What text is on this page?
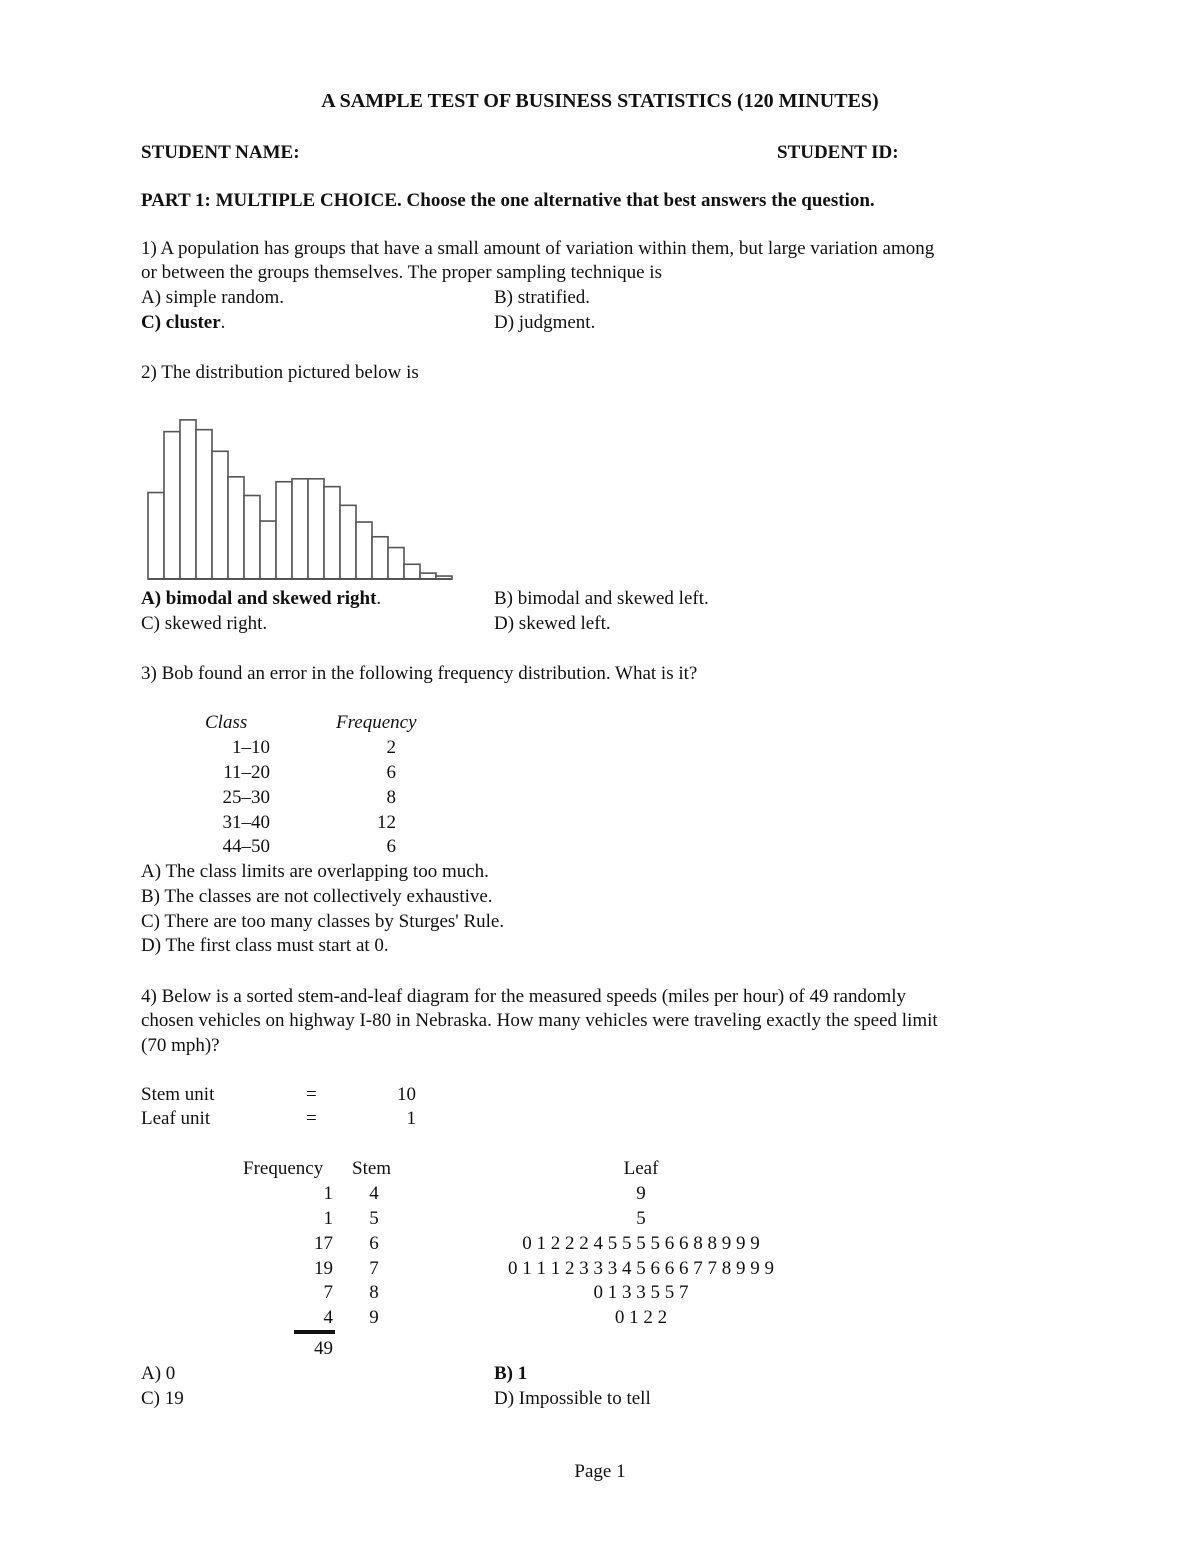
A SAMPLE TEST OF BUSINESS STATISTICS (120 MINUTES)
STUDENT NAME:	STUDENT ID:
PART 1: MULTIPLE CHOICE. Choose the one alternative that best answers the question.
1) A population has groups that have a small amount of variation within them, but large variation among
or between the groups themselves. The proper sampling technique is
A) simple random.	B) stratified.
C) cluster.	D) judgment.
2) The distribution pictured below is
A) bimodal and skewed right.	B) bimodal and skewed left.
C) skewed right.	D) skewed left.
3) Bob found an error in the following frequency distribution. What is it?
Class	Frequency
1–10	2
11–20	6
25–30	8
31–40	12
44–50	6
A) The class limits are overlapping too much.
B) The classes are not collectively exhaustive.
C) There are too many classes by Sturges' Rule.
D) The first class must start at 0.
4) Below is a sorted stem-and-leaf diagram for the measured speeds (miles per hour) of 49 randomly
chosen vehicles on highway I-80 in Nebraska. How many vehicles were traveling exactly the speed limit
(70 mph)?
Stem unit	=	10
Leaf unit	=	1
Frequency Stem	Leaf
1 4	9
1 5	5
17 6	0 1 2 2 2 4 5 5 5 5 6 6 8 8 9 9 9
19 7	0 1 1 1 2 3 3 3 4 5 6 6 6 7 7 8 9 9 9
7 8	0 1 3 3 5 5 7
4 9	0 1 2 2
49
A) 0	B) 1
C) 19	D) Impossible to tell
Page 1
